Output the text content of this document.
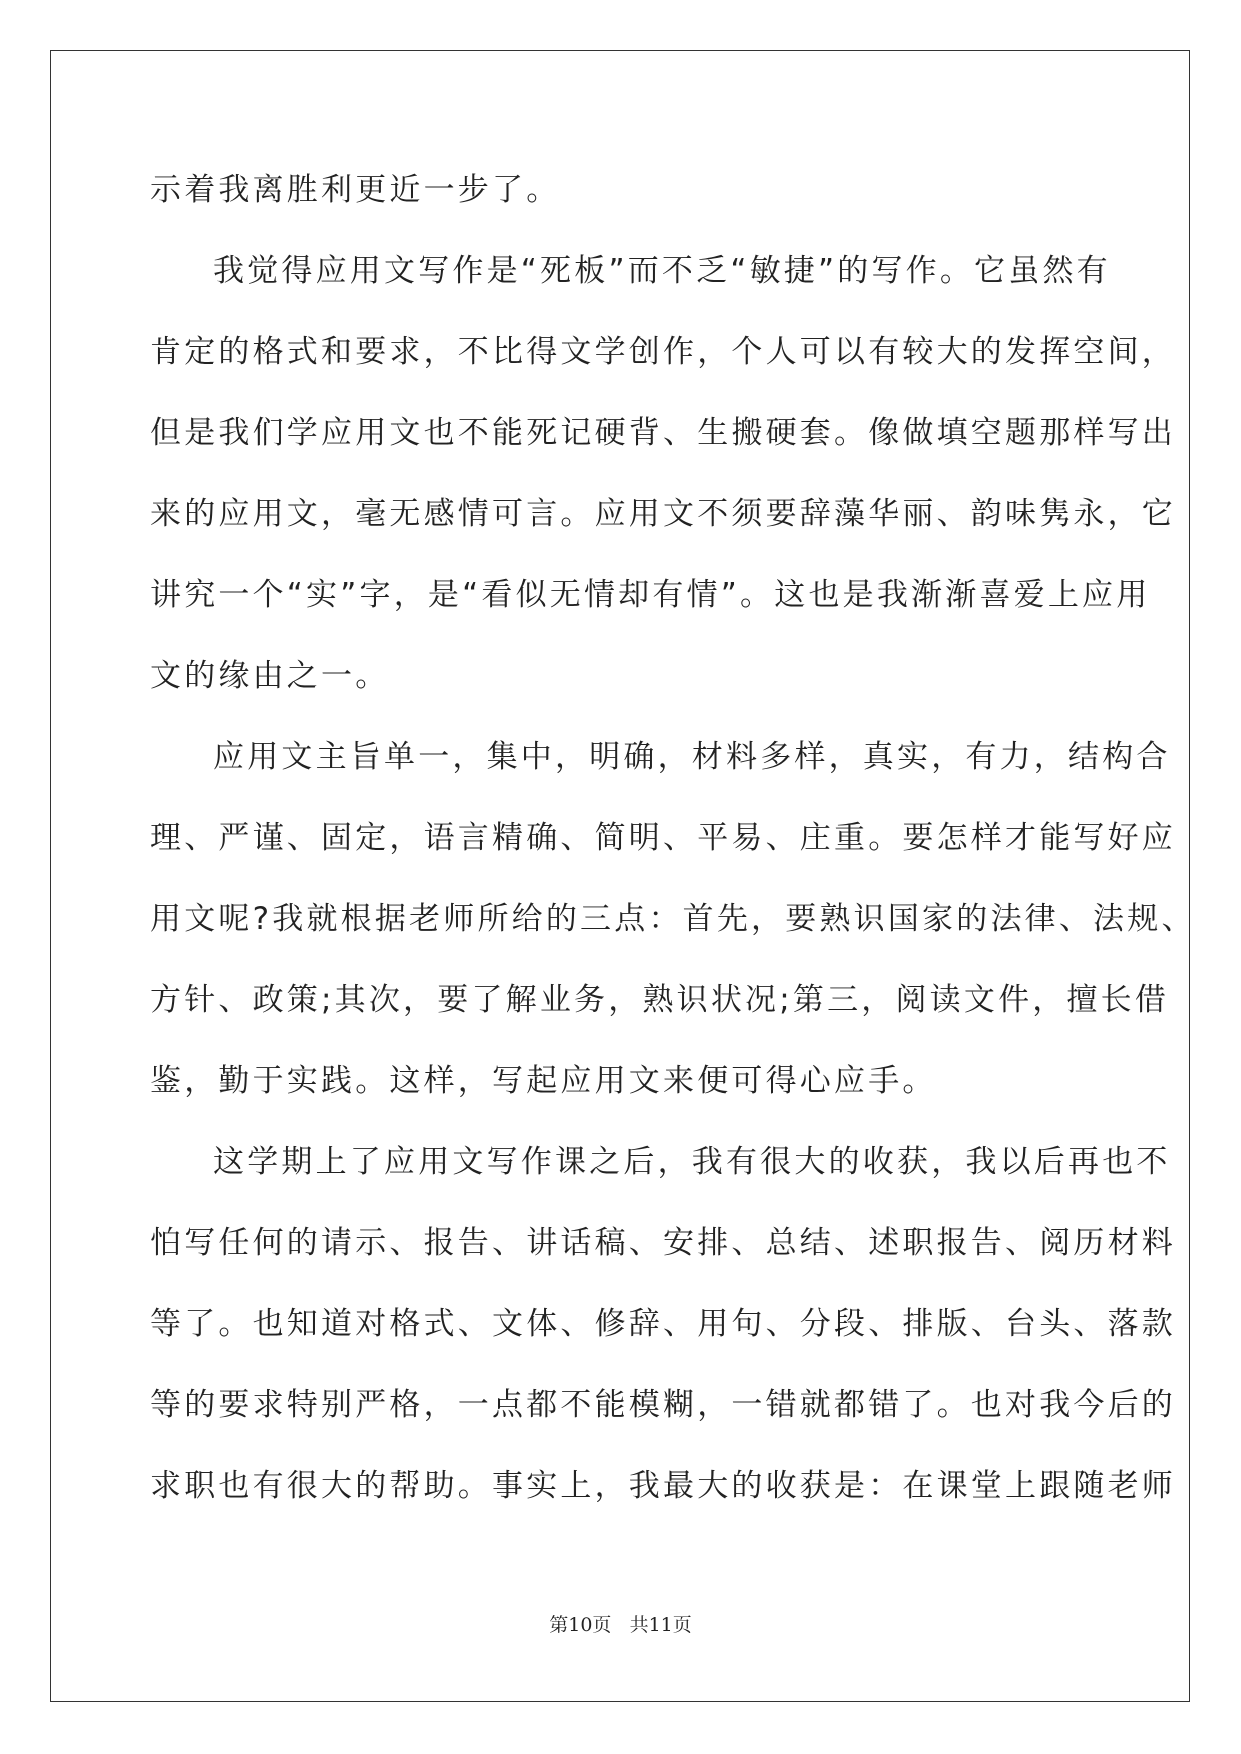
示着我离胜利更近一步了。
我觉得应用文写作是“死板”而不乏“敏捷”的写作。它虽然有
肯定的格式和要求，不比得文学创作，个人可以有较大的发挥空间，
但是我们学应用文也不能死记硬背、生搬硬套。像做填空题那样写出
来的应用文，毫无感情可言。应用文不须要辞藻华丽、韵味隽永，它
讲究一个“实”字，是“看似无情却有情”。这也是我渐渐喜爱上应用
文的缘由之一。
应用文主旨单一，集中，明确，材料多样，真实，有力，结构合
理、严谨、固定，语言精确、简明、平易、庄重。要怎样才能写好应
用文呢?我就根据老师所给的三点：首先，要熟识国家的法律、法规、
方针、政策;其次，要了解业务，熟识状况;第三，阅读文件，擅长借
鉴，勤于实践。这样，写起应用文来便可得心应手。
这学期上了应用文写作课之后，我有很大的收获，我以后再也不
怕写任何的请示、报告、讲话稿、安排、总结、述职报告、阅历材料
等了。也知道对格式、文体、修辞、用句、分段、排版、台头、落款
等的要求特别严格，一点都不能模糊，一错就都错了。也对我今后的
求职也有很大的帮助。事实上，我最大的收获是：在课堂上跟随老师
第10页 共11页
